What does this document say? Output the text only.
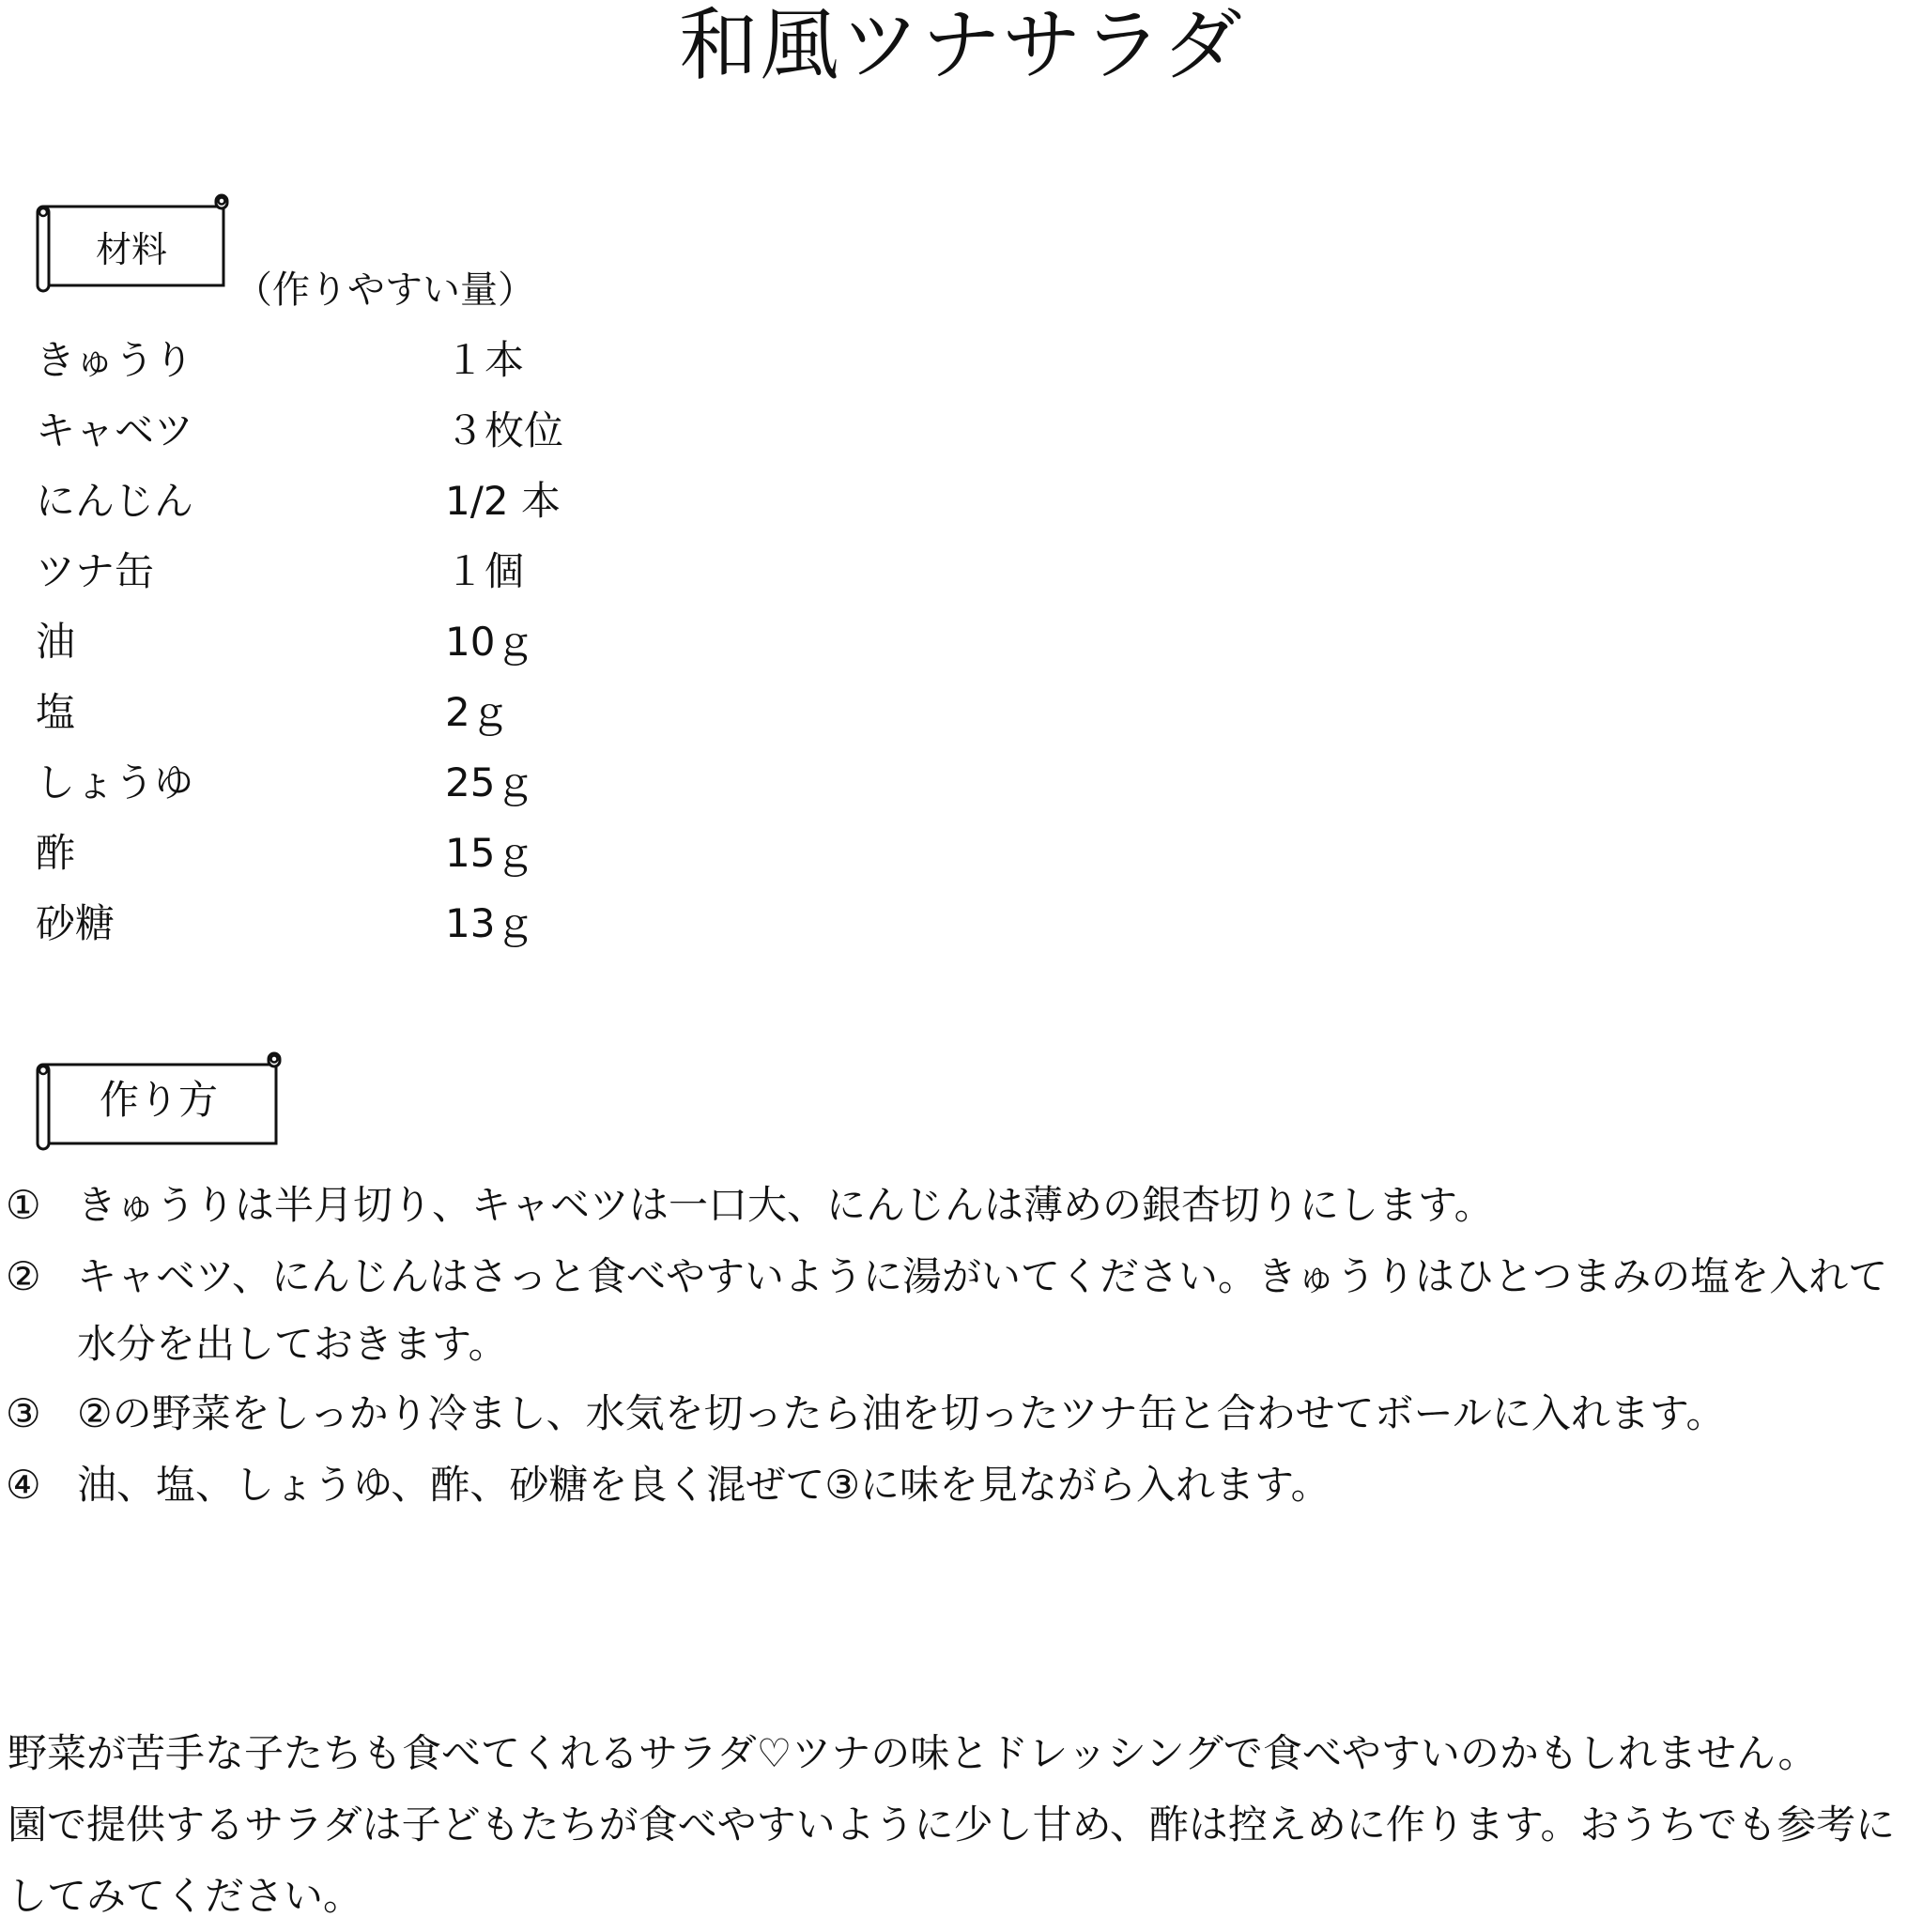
和風ツナサラダ
材料
（作りやすい量）
きゅうり	１本
キャベツ	３枚位
にんじん	1/2 本
ツナ缶	１個
油	10ｇ
塩	2ｇ
しょうゆ	25ｇ
酢	15ｇ
砂糖	13ｇ
作り方
① きゅうりは半月切り、キャベツは一口大、にんじんは薄めの銀杏切りにします。
② キャベツ、にんじんはさっと食べやすいように湯がいてください。きゅうりはひとつまみの塩を入れて水分を出しておきます。
③ ②の野菜をしっかり冷まし、水気を切ったら油を切ったツナ缶と合わせてボールに入れます。
④ 油、塩、しょうゆ、酢、砂糖を良く混ぜて③に味を見ながら入れます。

野菜が苦手な子たちも食べてくれるサラダ♡ツナの味とドレッシングで食べやすいのかもしれません。

園で提供するサラダは子どもたちが食べやすいように少し甘め、酢は控えめに作ります。おうちでも参考にしてみてください。
